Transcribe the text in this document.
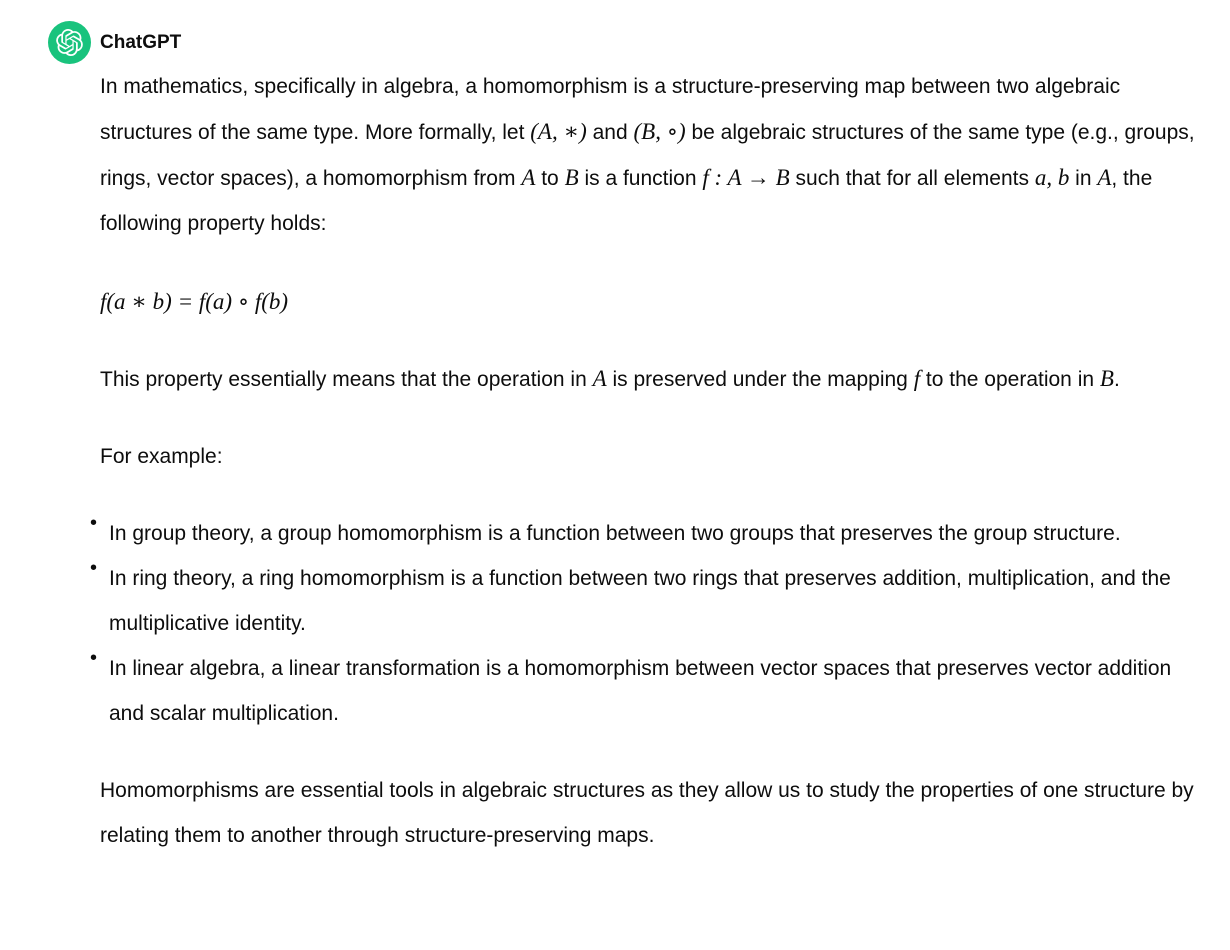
ChatGPT

In mathematics, specifically in algebra, a homomorphism is a structure-preserving map between two algebraic structures of the same type. More formally, let (A, ∗) and (B, ∘) be algebraic structures of the same type (e.g., groups, rings, vector spaces), a homomorphism from A to B is a function f : A → B such that for all elements a, b in A, the following property holds:

f(a ∗ b) = f(a) ∘ f(b)

This property essentially means that the operation in A is preserved under the mapping f to the operation in B.

For example:

• In group theory, a group homomorphism is a function between two groups that preserves the group structure.
• In ring theory, a ring homomorphism is a function between two rings that preserves addition, multiplication, and the multiplicative identity.
• In linear algebra, a linear transformation is a homomorphism between vector spaces that preserves vector addition and scalar multiplication.

Homomorphisms are essential tools in algebraic structures as they allow us to study the properties of one structure by relating them to another through structure-preserving maps.
